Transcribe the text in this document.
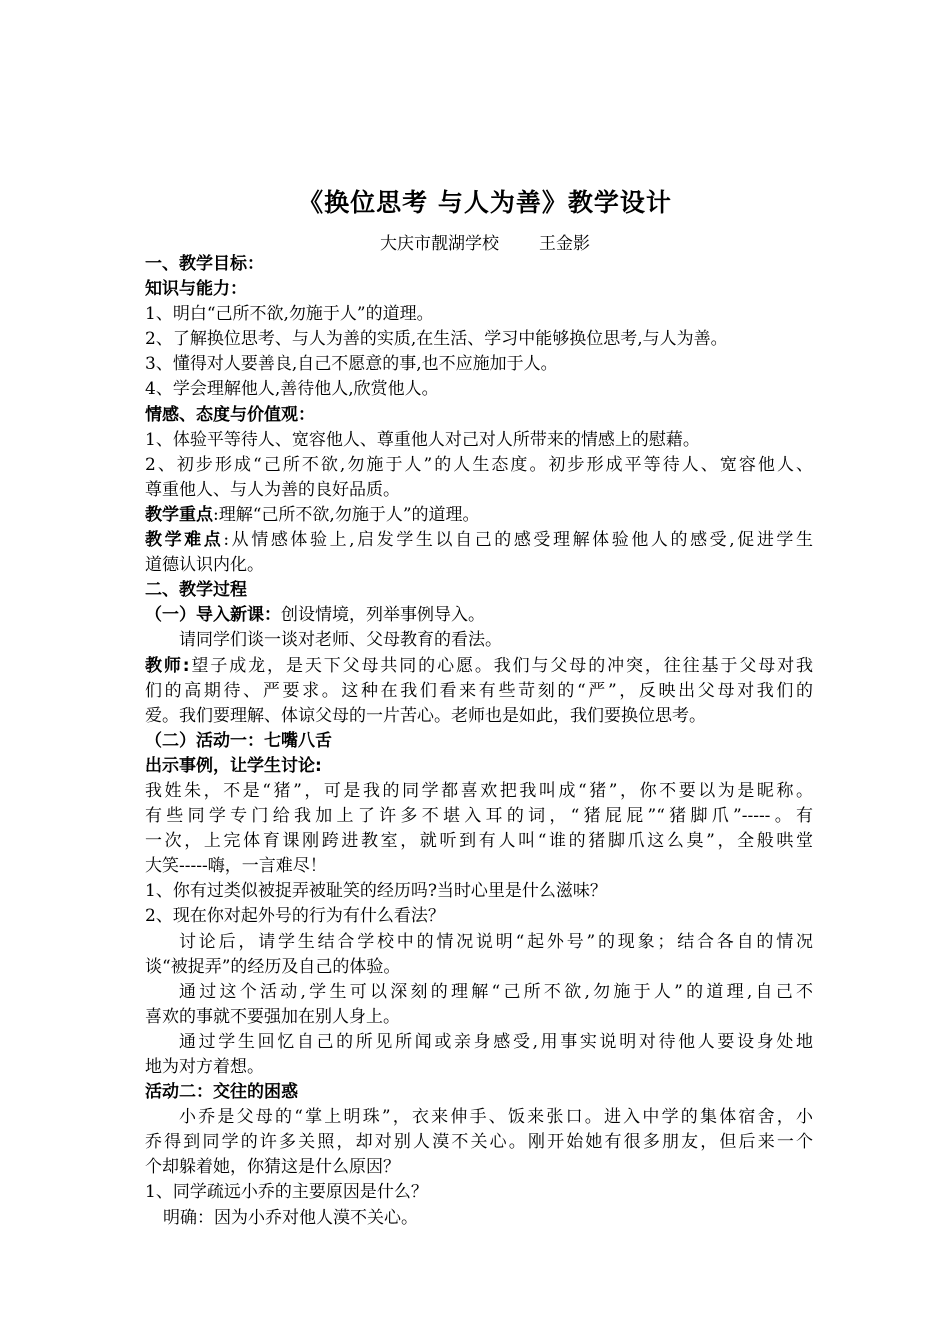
《换位思考 与人为善》教学设计
大庆市靓湖学校 王金影

一、教学目标：

知识与能力：

1、明白“己所不欲,勿施于人”的道理。

2、了解换位思考、与人为善的实质,在生活、学习中能够换位思考,与人为善。

3、懂得对人要善良,自己不愿意的事,也不应施加于人。

4、学会理解他人,善待他人,欣赏他人。

情感、态度与价值观：

1、体验平等待人、宽容他人、尊重他人对己对人所带来的情感上的慰藉。

2、初步形成“己所不欲,勿施于人”的人生态度。初步形成平等待人、宽容他人、

尊重他人、与人为善的良好品质。

教学重点:理解“己所不欲,勿施于人”的道理。

教学难点:从情感体验上,启发学生以自己的感受理解体验他人的感受,促进学生

道德认识内化。

二、教学过程

（一）导入新课：创设情境，列举事例导入。

请同学们谈一谈对老师、父母教育的看法。

教师:望子成龙，是天下父母共同的心愿。我们与父母的冲突，往往基于父母对我

们的高期待、严要求。这种在我们看来有些苛刻的“严”，反映出父母对我们的

爱。我们要理解、体谅父母的一片苦心。老师也是如此，我们要换位思考。

（二）活动一：七嘴八舌

出示事例，让学生讨论:

我姓朱，不是“猪”，可是我的同学都喜欢把我叫成“猪”，你不要以为是昵称。

有些同学专门给我加上了许多不堪入耳的词，“猪屁屁”“猪脚爪”-----。有

一次，上完体育课刚跨进教室，就听到有人叫“谁的猪脚爪这么臭”，全般哄堂

大笑-----嗨，一言难尽！

1、你有过类似被捉弄被耻笑的经历吗?当时心里是什么滋味？

2、现在你对起外号的行为有什么看法？

讨论后，请学生结合学校中的情况说明“起外号”的现象；结合各自的情况

谈“被捉弄”的经历及自己的体验。

通过这个活动,学生可以深刻的理解“己所不欲,勿施于人”的道理,自己不

喜欢的事就不要强加在别人身上。

通过学生回忆自己的所见所闻或亲身感受,用事实说明对待他人要设身处地

地为对方着想。

活动二：交往的困惑

小乔是父母的“掌上明珠”，衣来伸手、饭来张口。进入中学的集体宿舍，小

乔得到同学的许多关照，却对别人漠不关心。刚开始她有很多朋友，但后来一个

个却躲着她，你猜这是什么原因？

1、同学疏远小乔的主要原因是什么？

明确：因为小乔对他人漠不关心。
